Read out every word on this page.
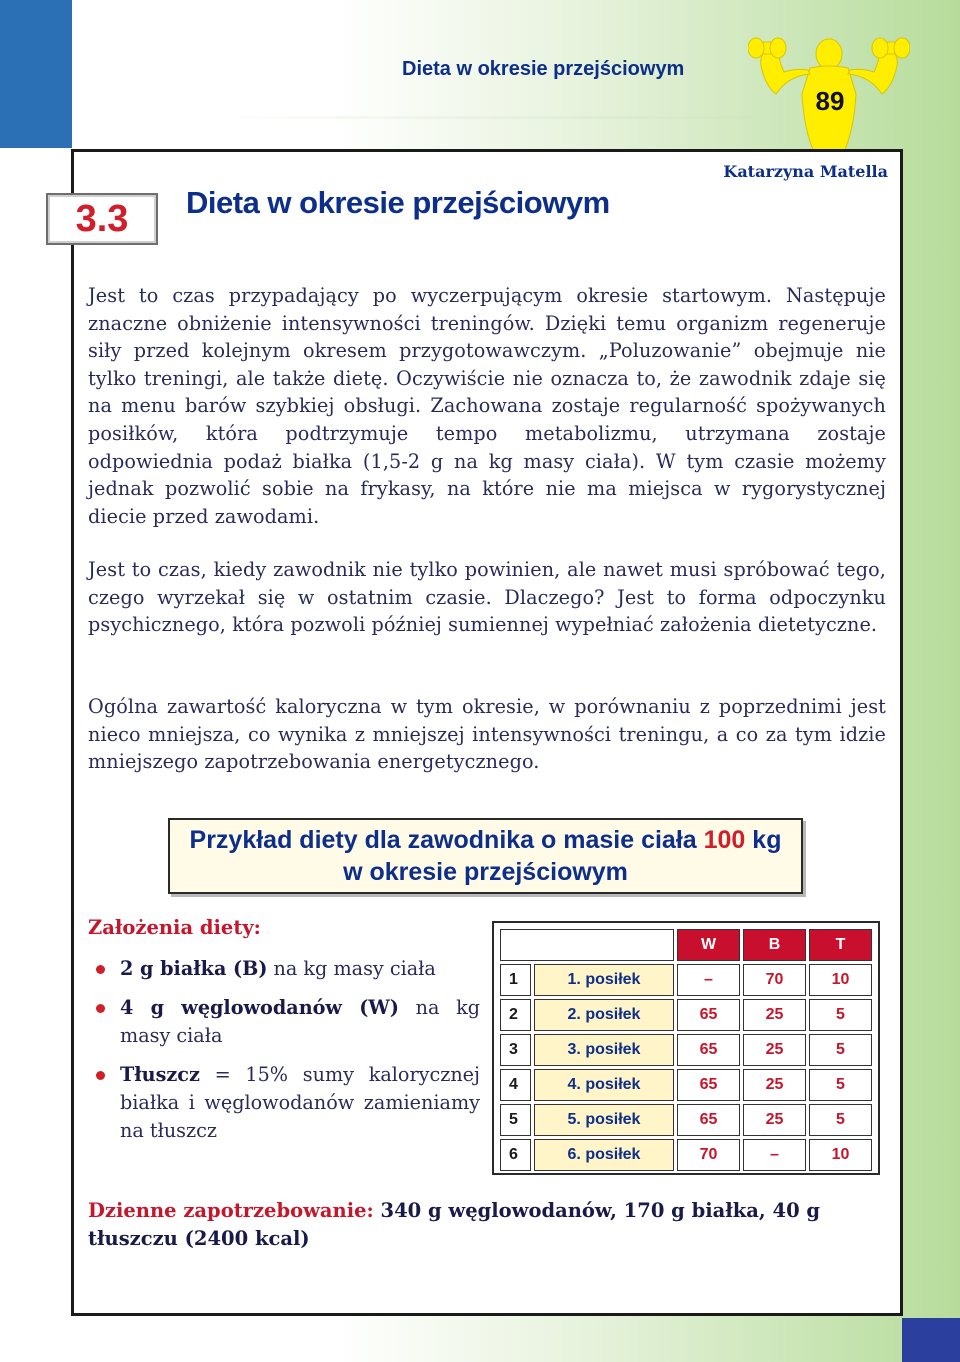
Dieta w okresie przejściowym
89
3.3 Dieta w okresie przejściowym
Katarzyna Matella

Jest to czas przypadający po wyczerpującym okresie startowym. Następuje znaczne obniżenie intensywności treningów. Dzięki temu organizm regeneruje siły przed kolejnym okresem przygotowawczym. „Poluzowanie” obejmuje nie tylko treningi, ale także dietę. Oczywiście nie oznacza to, że zawodnik zdaje się na menu barów szybkiej obsługi. Zachowana zostaje regularność spożywanych posiłków, która podtrzymuje tempo metabolizmu, utrzymana zostaje odpowiednia podaż białka (1,5-2 g na kg masy ciała). W tym czasie możemy jednak pozwolić sobie na frykasy, na które nie ma miejsca w rygorystycznej diecie przed zawodami.

Jest to czas, kiedy zawodnik nie tylko powinien, ale nawet musi spróbować tego, czego wyrzekał się w ostatnim czasie. Dlaczego? Jest to forma odpoczynku psychicznego, która pozwoli później sumiennej wypełniać założenia dietetyczne.

Ogólna zawartość kaloryczna w tym okresie, w porównaniu z poprzednimi jest nieco mniejsza, co wynika z mniejszej intensywności treningu, a co za tym idzie mniejszego zapotrzebowania energetycznego.

Przykład diety dla zawodnika o masie ciała 100 kg
w okresie przejściowym
Założenia diety:
2 g białka (B) na kg masy ciała
4 g węglowodanów (W) na kg masy ciała
Tłuszcz = 15% sumy kalorycznej białka i węglowodanów zamieniamy na tłuszcz
		W	B	T
1	1. posiłek	–	70	10
2	2. posiłek	65	25	5
3	3. posiłek	65	25	5
4	4. posiłek	65	25	5
5	5. posiłek	65	25	5
6	6. posiłek	70	–	10
Dzienne zapotrzebowanie: 340 g węglowodanów, 170 g białka, 40 g tłuszczu (2400 kcal)
